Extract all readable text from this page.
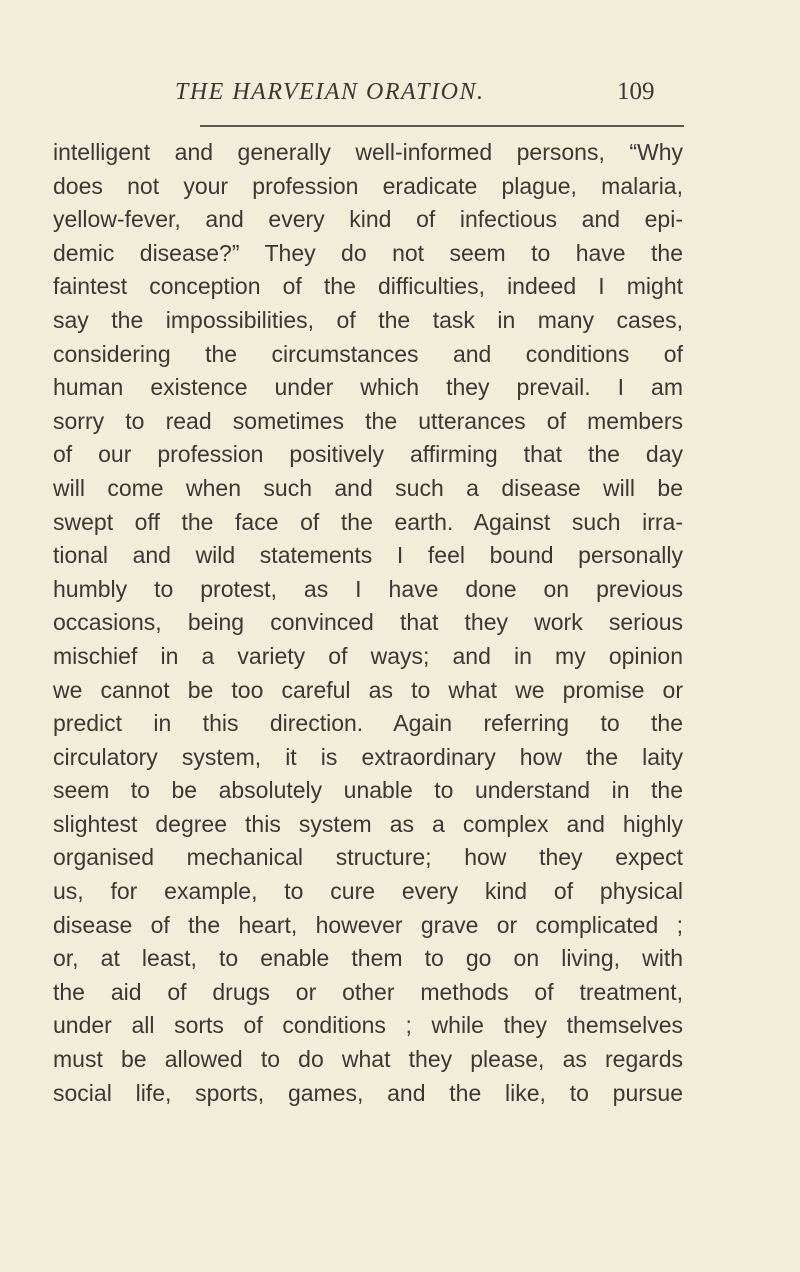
THE HARVEIAN ORATION.	109
intelligent and generally well-informed persons, “Why
does not your profession eradicate plague, malaria,
yellow-fever, and every kind of infectious and epi-
demic disease?” They do not seem to have the
faintest conception of the difficulties, indeed I might
say the impossibilities, of the task in many cases,
considering the circumstances and conditions of
human existence under which they prevail. I am
sorry to read sometimes the utterances of members
of our profession positively affirming that the day
will come when such and such a disease will be
swept off the face of the earth. Against such irra-
tional and wild statements I feel bound personally
humbly to protest, as I have done on previous
occasions, being convinced that they work serious
mischief in a variety of ways; and in my opinion
we cannot be too careful as to what we promise or
predict in this direction. Again referring to the
circulatory system, it is extraordinary how the laity
seem to be absolutely unable to understand in the
slightest degree this system as a complex and highly
organised mechanical structure; how they expect
us, for example, to cure every kind of physical
disease of the heart, however grave or complicated ;
or, at least, to enable them to go on living, with
the aid of drugs or other methods of treatment,
under all sorts of conditions ; while they themselves
must be allowed to do what they please, as regards
social life, sports, games, and the like, to pursue
